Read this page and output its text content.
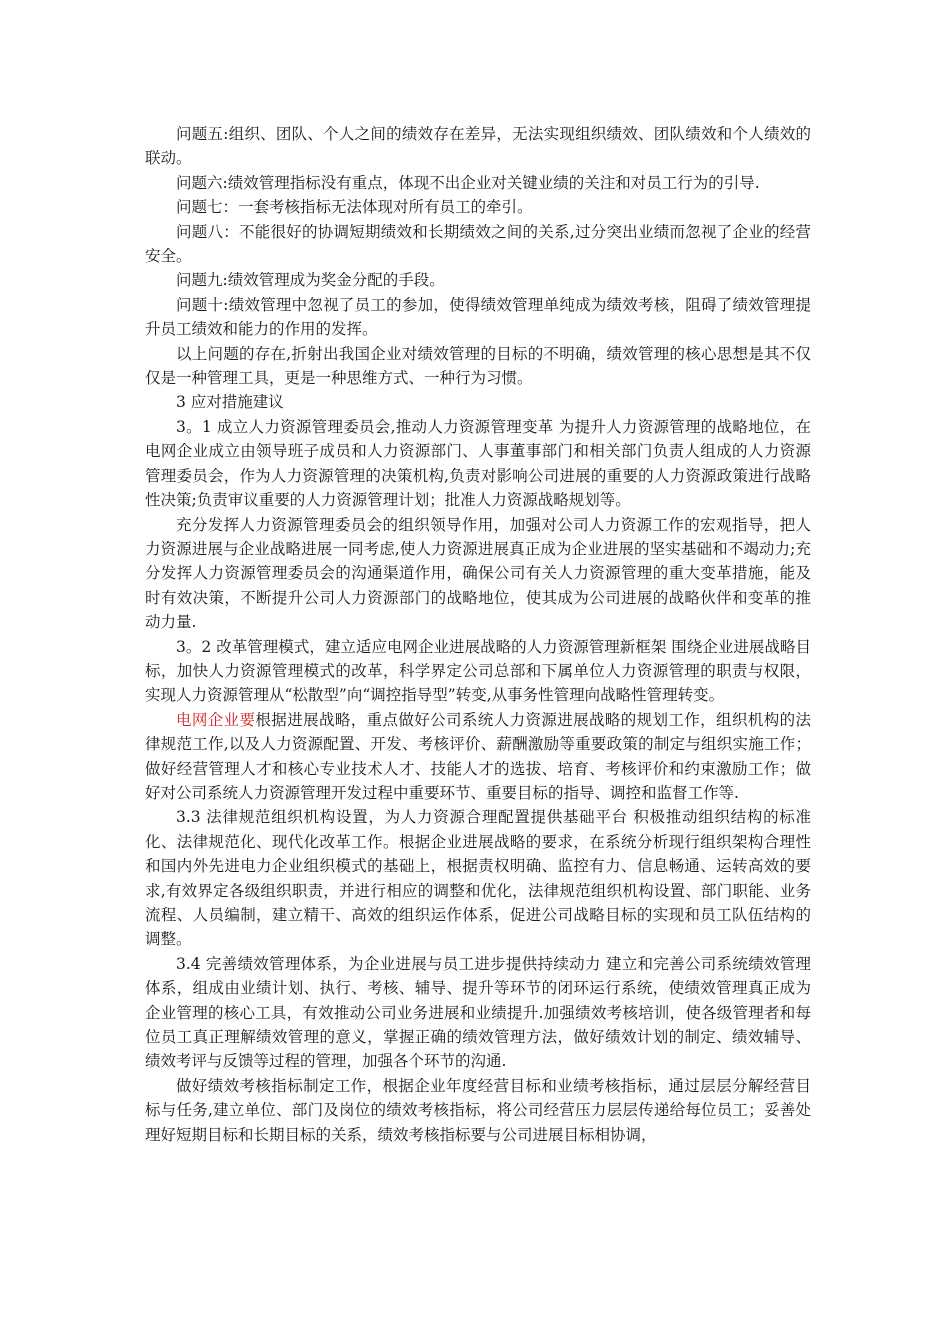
问题五:组织、团队、个人之间的绩效存在差异，无法实现组织绩效、团队绩效和个人绩效的联动。

问题六:绩效管理指标没有重点，体现不出企业对关键业绩的关注和对员工行为的引导.

问题七：一套考核指标无法体现对所有员工的牵引。

问题八：不能很好的协调短期绩效和长期绩效之间的关系,过分突出业绩而忽视了企业的经营安全。

问题九:绩效管理成为奖金分配的手段。

问题十:绩效管理中忽视了员工的参加，使得绩效管理单纯成为绩效考核，阻碍了绩效管理提升员工绩效和能力的作用的发挥。

以上问题的存在,折射出我国企业对绩效管理的目标的不明确，绩效管理的核心思想是其不仅仅是一种管理工具，更是一种思维方式、一种行为习惯。

3 应对措施建议

3。1 成立人力资源管理委员会,推动人力资源管理变革 为提升人力资源管理的战略地位，在电网企业成立由领导班子成员和人力资源部门、人事董事部门和相关部门负责人组成的人力资源管理委员会，作为人力资源管理的决策机构,负责对影响公司进展的重要的人力资源政策进行战略性决策;负责审议重要的人力资源管理计划；批准人力资源战略规划等。

充分发挥人力资源管理委员会的组织领导作用，加强对公司人力资源工作的宏观指导，把人力资源进展与企业战略进展一同考虑,使人力资源进展真正成为企业进展的坚实基础和不竭动力;充分发挥人力资源管理委员会的沟通渠道作用，确保公司有关人力资源管理的重大变革措施，能及时有效决策，不断提升公司人力资源部门的战略地位，使其成为公司进展的战略伙伴和变革的推动力量.

3。2 改革管理模式，建立适应电网企业进展战略的人力资源管理新框架 围绕企业进展战略目标，加快人力资源管理模式的改革，科学界定公司总部和下属单位人力资源管理的职责与权限，实现人力资源管理从“松散型”向“调控指导型”转变,从事务性管理向战略性管理转变。

电网企业要根据进展战略，重点做好公司系统人力资源进展战略的规划工作，组织机构的法律规范工作,以及人力资源配置、开发、考核评价、薪酬激励等重要政策的制定与组织实施工作；做好经营管理人才和核心专业技术人才、技能人才的选拔、培育、考核评价和约束激励工作；做好对公司系统人力资源管理开发过程中重要环节、重要目标的指导、调控和监督工作等.

3.3 法律规范组织机构设置，为人力资源合理配置提供基础平台 积极推动组织结构的标准化、法律规范化、现代化改革工作。根据企业进展战略的要求，在系统分析现行组织架构合理性和国内外先进电力企业组织模式的基础上，根据责权明确、监控有力、信息畅通、运转高效的要求,有效界定各级组织职责，并进行相应的调整和优化，法律规范组织机构设置、部门职能、业务流程、人员编制，建立精干、高效的组织运作体系，促进公司战略目标的实现和员工队伍结构的调整。

3.4 完善绩效管理体系，为企业进展与员工进步提供持续动力 建立和完善公司系统绩效管理体系，组成由业绩计划、执行、考核、辅导、提升等环节的闭环运行系统，使绩效管理真正成为企业管理的核心工具，有效推动公司业务进展和业绩提升.加强绩效考核培训，使各级管理者和每位员工真正理解绩效管理的意义，掌握正确的绩效管理方法，做好绩效计划的制定、绩效辅导、绩效考评与反馈等过程的管理，加强各个环节的沟通.

做好绩效考核指标制定工作，根据企业年度经营目标和业绩考核指标，通过层层分解经营目标与任务,建立单位、部门及岗位的绩效考核指标，将公司经营压力层层传递给每位员工；妥善处理好短期目标和长期目标的关系，绩效考核指标要与公司进展目标相协调，
